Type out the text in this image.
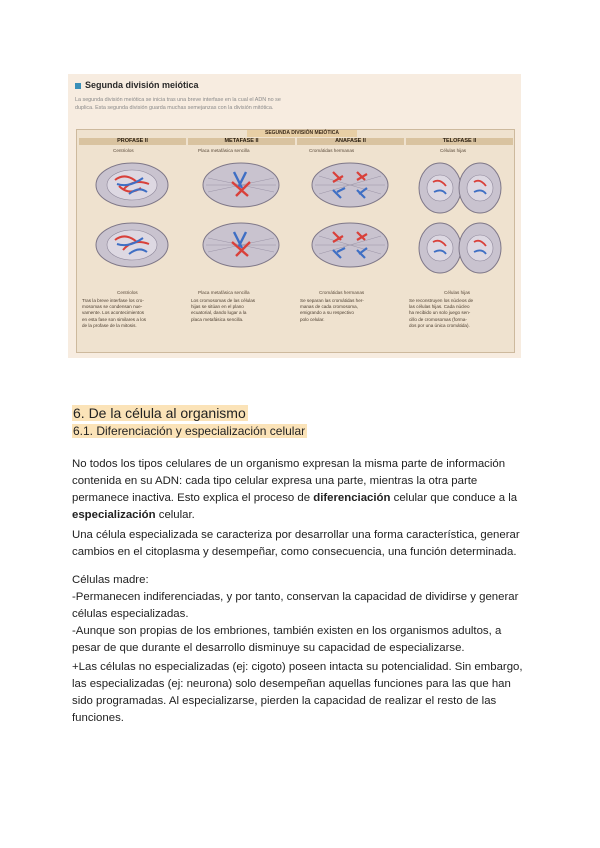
Segunda división meiótica
La segunda división meiótica se inicia tras una breve interfase en la cual el ADN no se
duplica. Esta segunda división guarda muchas semejanzas con la división mitótica.
SEGUNDA DIVISIÓN MEIÓTICA
PROFASE II
Centriolos
Centriolos
Tras la breve interfase los cro-
mosomas se condensan nue-
vamente. Los acontecimientos
en esta fase son similares a los
de la profase de la mitosis.
METAFASE II
Placa metafásica sencilla
Placa metafásica sencilla
Los cromosomas de las células
hijas se sitúan en el plano
ecuatorial, dando lugar a la
placa metafásica sencilla.
ANAFASE II
Cromátidas hermanas
Cromátidas hermanas
Se separan las cromátidas her-
manas de cada cromosoma,
emigrando a su respectivo
polo celular.
TELOFASE II
Células hijas
Células hijas
Se reconstruyen los núcleos de
las células hijas. Cada núcleo
ha recibido un solo juego sen-
cillo de cromosomas (forma-
dos por una única cromátida).
6. De la célula al organismo
6.1. Diferenciación y especialización celular
No todos los tipos celulares de un organismo expresan la misma parte de información contenida en su ADN: cada tipo celular expresa una parte, mientras la otra parte permanece inactiva. Esto explica el proceso de diferenciación celular que conduce a la especialización celular.
Una célula especializada se caracteriza por desarrollar una forma característica, generar cambios en el citoplasma y desempeñar, como consecuencia, una función determinada.
Células madre:
-Permanecen indiferenciadas, y por tanto, conservan la capacidad de dividirse y generar células especializadas.
-Aunque son propias de los embriones, también existen en los organismos adultos, a pesar de que durante el desarrollo disminuye su capacidad de especializarse.
+Las células no especializadas (ej: cigoto) poseen intacta su potencialidad. Sin embargo, las especializadas (ej: neurona) solo desempeñan aquellas funciones para las que han sido programadas. Al especializarse, pierden la capacidad de realizar el resto de las funciones.
